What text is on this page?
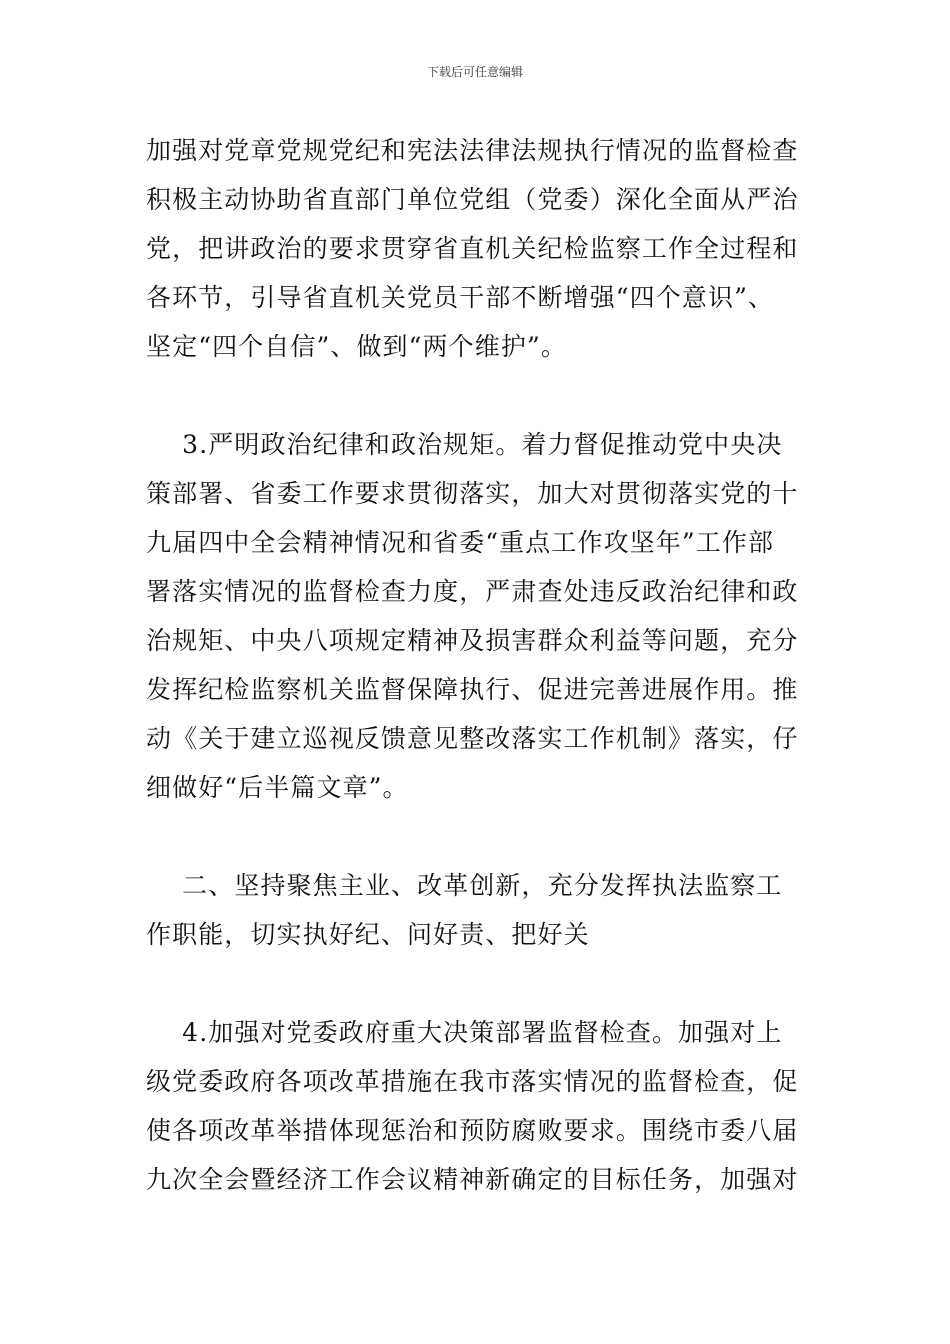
下载后可任意编辑
加强对党章党规党纪和宪法法律法规执行情况的监督检查
积极主动协助省直部门单位党组（党委）深化全面从严治
党，把讲政治的要求贯穿省直机关纪检监察工作全过程和
各环节，引导省直机关党员干部不断增强“四个意识”、
坚定“四个自信”、做到“两个维护”。
3.严明政治纪律和政治规矩。着力督促推动党中央决
策部署、省委工作要求贯彻落实，加大对贯彻落实党的十
九届四中全会精神情况和省委“重点工作攻坚年”工作部
署落实情况的监督检查力度，严肃查处违反政治纪律和政
治规矩、中央八项规定精神及损害群众利益等问题，充分
发挥纪检监察机关监督保障执行、促进完善进展作用。推
动《关于建立巡视反馈意见整改落实工作机制》落实，仔
细做好“后半篇文章”。
二、坚持聚焦主业、改革创新，充分发挥执法监察工
作职能，切实执好纪、问好责、把好关
4.加强对党委政府重大决策部署监督检查。加强对上
级党委政府各项改革措施在我市落实情况的监督检查，促
使各项改革举措体现惩治和预防腐败要求。围绕市委八届
九次全会暨经济工作会议精神新确定的目标任务，加强对
